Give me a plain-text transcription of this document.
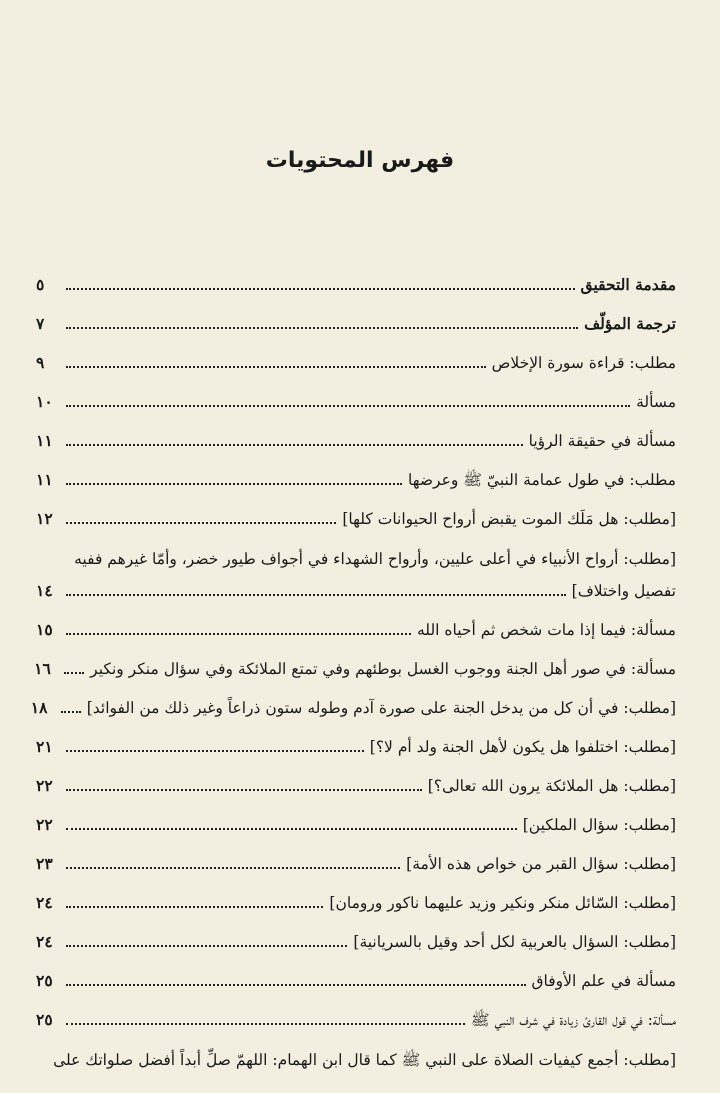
فهرس المحتويات
مقدمة التحقيق
٥
ترجمة المؤلّف
٧
مطلب: قراءة سورة الإخلاص
٩
مسألة
١٠
مسألة في حقيقة الرؤيا
١١
مطلب: في طول عمامة النبيّ ﷺ وعرضها
١١
[مطلب: هل مَلَك الموت يقبض أرواح الحيوانات كلها]
١٢
[مطلب: أرواح الأنبياء في أعلى عليين، وأرواح الشهداء في أجواف طيور خضر، وأمّا غيرهم ففيه
تفصيل واختلاف]
١٤
مسألة: فيما إذا مات شخص ثم أحياه الله
١٥
مسألة: في صور أهل الجنة ووجوب الغسل بوطئهم وفي تمتع الملائكة وفي سؤال منكر ونكير
١٦
[مطلب: في أن كل من يدخل الجنة على صورة آدم وطوله ستون ذراعاً وغير ذلك من الفوائد]
١٨
[مطلب: اختلفوا هل يكون لأهل الجنة ولد أم لا؟]
٢١
[مطلب: هل الملائكة يرون الله تعالى؟]
٢٢
[مطلب: سؤال الملكين]
٢٢
[مطلب: سؤال القبر من خواص هذه الأمة]
٢٣
[مطلب: السّائل منكر ونكير وزيد عليهما ناكور ورومان]
٢٤
[مطلب: السؤال بالعربية لكل أحد وقيل بالسريانية]
٢٤
مسألة في علم الأوفاق
٢٥
مسألة: في قول القارئ زيادة في شرف النبي ﷺ
٢٥
[مطلب: أجمع كيفيات الصلاة على النبي ﷺ كما قال ابن الهمام: اللهمّ صلِّ أبداً أفضل صلواتك على
